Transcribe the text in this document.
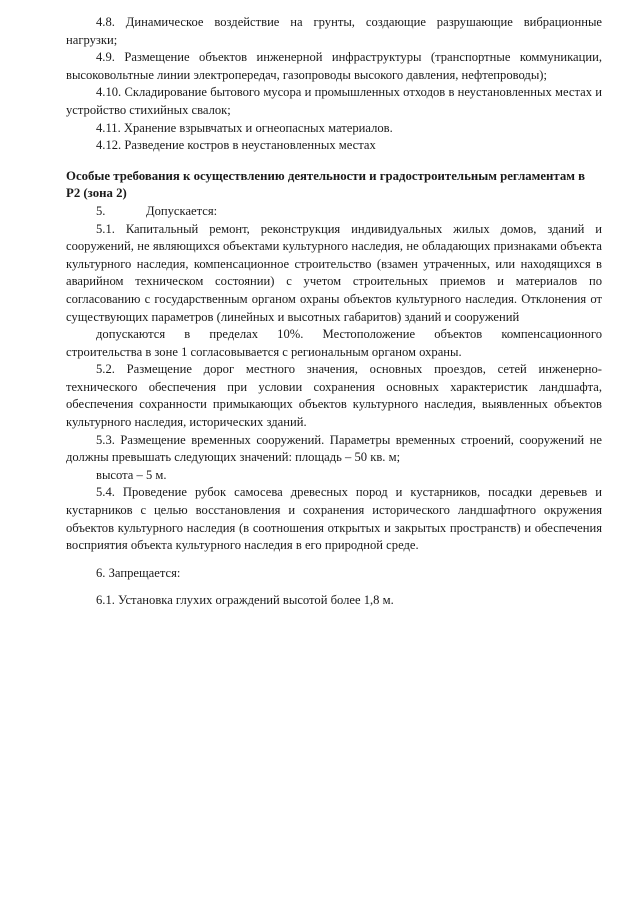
4.8. Динамическое воздействие на грунты, создающие разрушающие вибрационные нагрузки;

4.9. Размещение объектов инженерной инфраструктуры (транспортные коммуникации, высоковольтные линии электропередач, газопроводы высокого давления, нефтепроводы);

4.10. Складирование бытового мусора и промышленных отходов в неустановленных местах и устройство стихийных свалок;

4.11. Хранение взрывчатых и огнеопасных материалов.

4.12. Разведение костров в неустановленных местах

Особые требования к осуществлению деятельности и градостроительным регламентам в Р2 (зона 2)

5.	Допускается:

5.1. Капитальный ремонт, реконструкция индивидуальных жилых домов, зданий и сооружений, не являющихся объектами культурного наследия, не обладающих признаками объекта культурного наследия, компенсационное строительство (взамен утраченных, или находящихся в аварийном техническом состоянии) с учетом строительных приемов и материалов по согласованию с государственным органом охраны объектов культурного наследия. Отклонения от существующих параметров (линейных и высотных габаритов) зданий и сооружений

допускаются в пределах 10%. Местоположение объектов компенсационного

строительства в зоне 1 согласовывается с региональным органом охраны.

5.2. Размещение дорог местного значения, основных проездов, сетей инженерно-технического обеспечения при условии сохранения основных характеристик ландшафта, обеспечения сохранности примыкающих объектов культурного наследия, выявленных объектов культурного наследия, исторических зданий.

5.3. Размещение временных сооружений. Параметры временных строений, сооружений не должны превышать следующих значений: площадь – 50 кв. м;

высота – 5 м.

5.4. Проведение рубок самосева древесных пород и кустарников, посадки деревьев и кустарников с целью восстановления и сохранения исторического ландшафтного окружения объектов культурного наследия (в соотношения открытых и закрытых пространств) и обеспечения восприятия объекта культурного наследия в его природной среде.

6. Запрещается:

6.1. Установка глухих ограждений высотой более 1,8 м.
